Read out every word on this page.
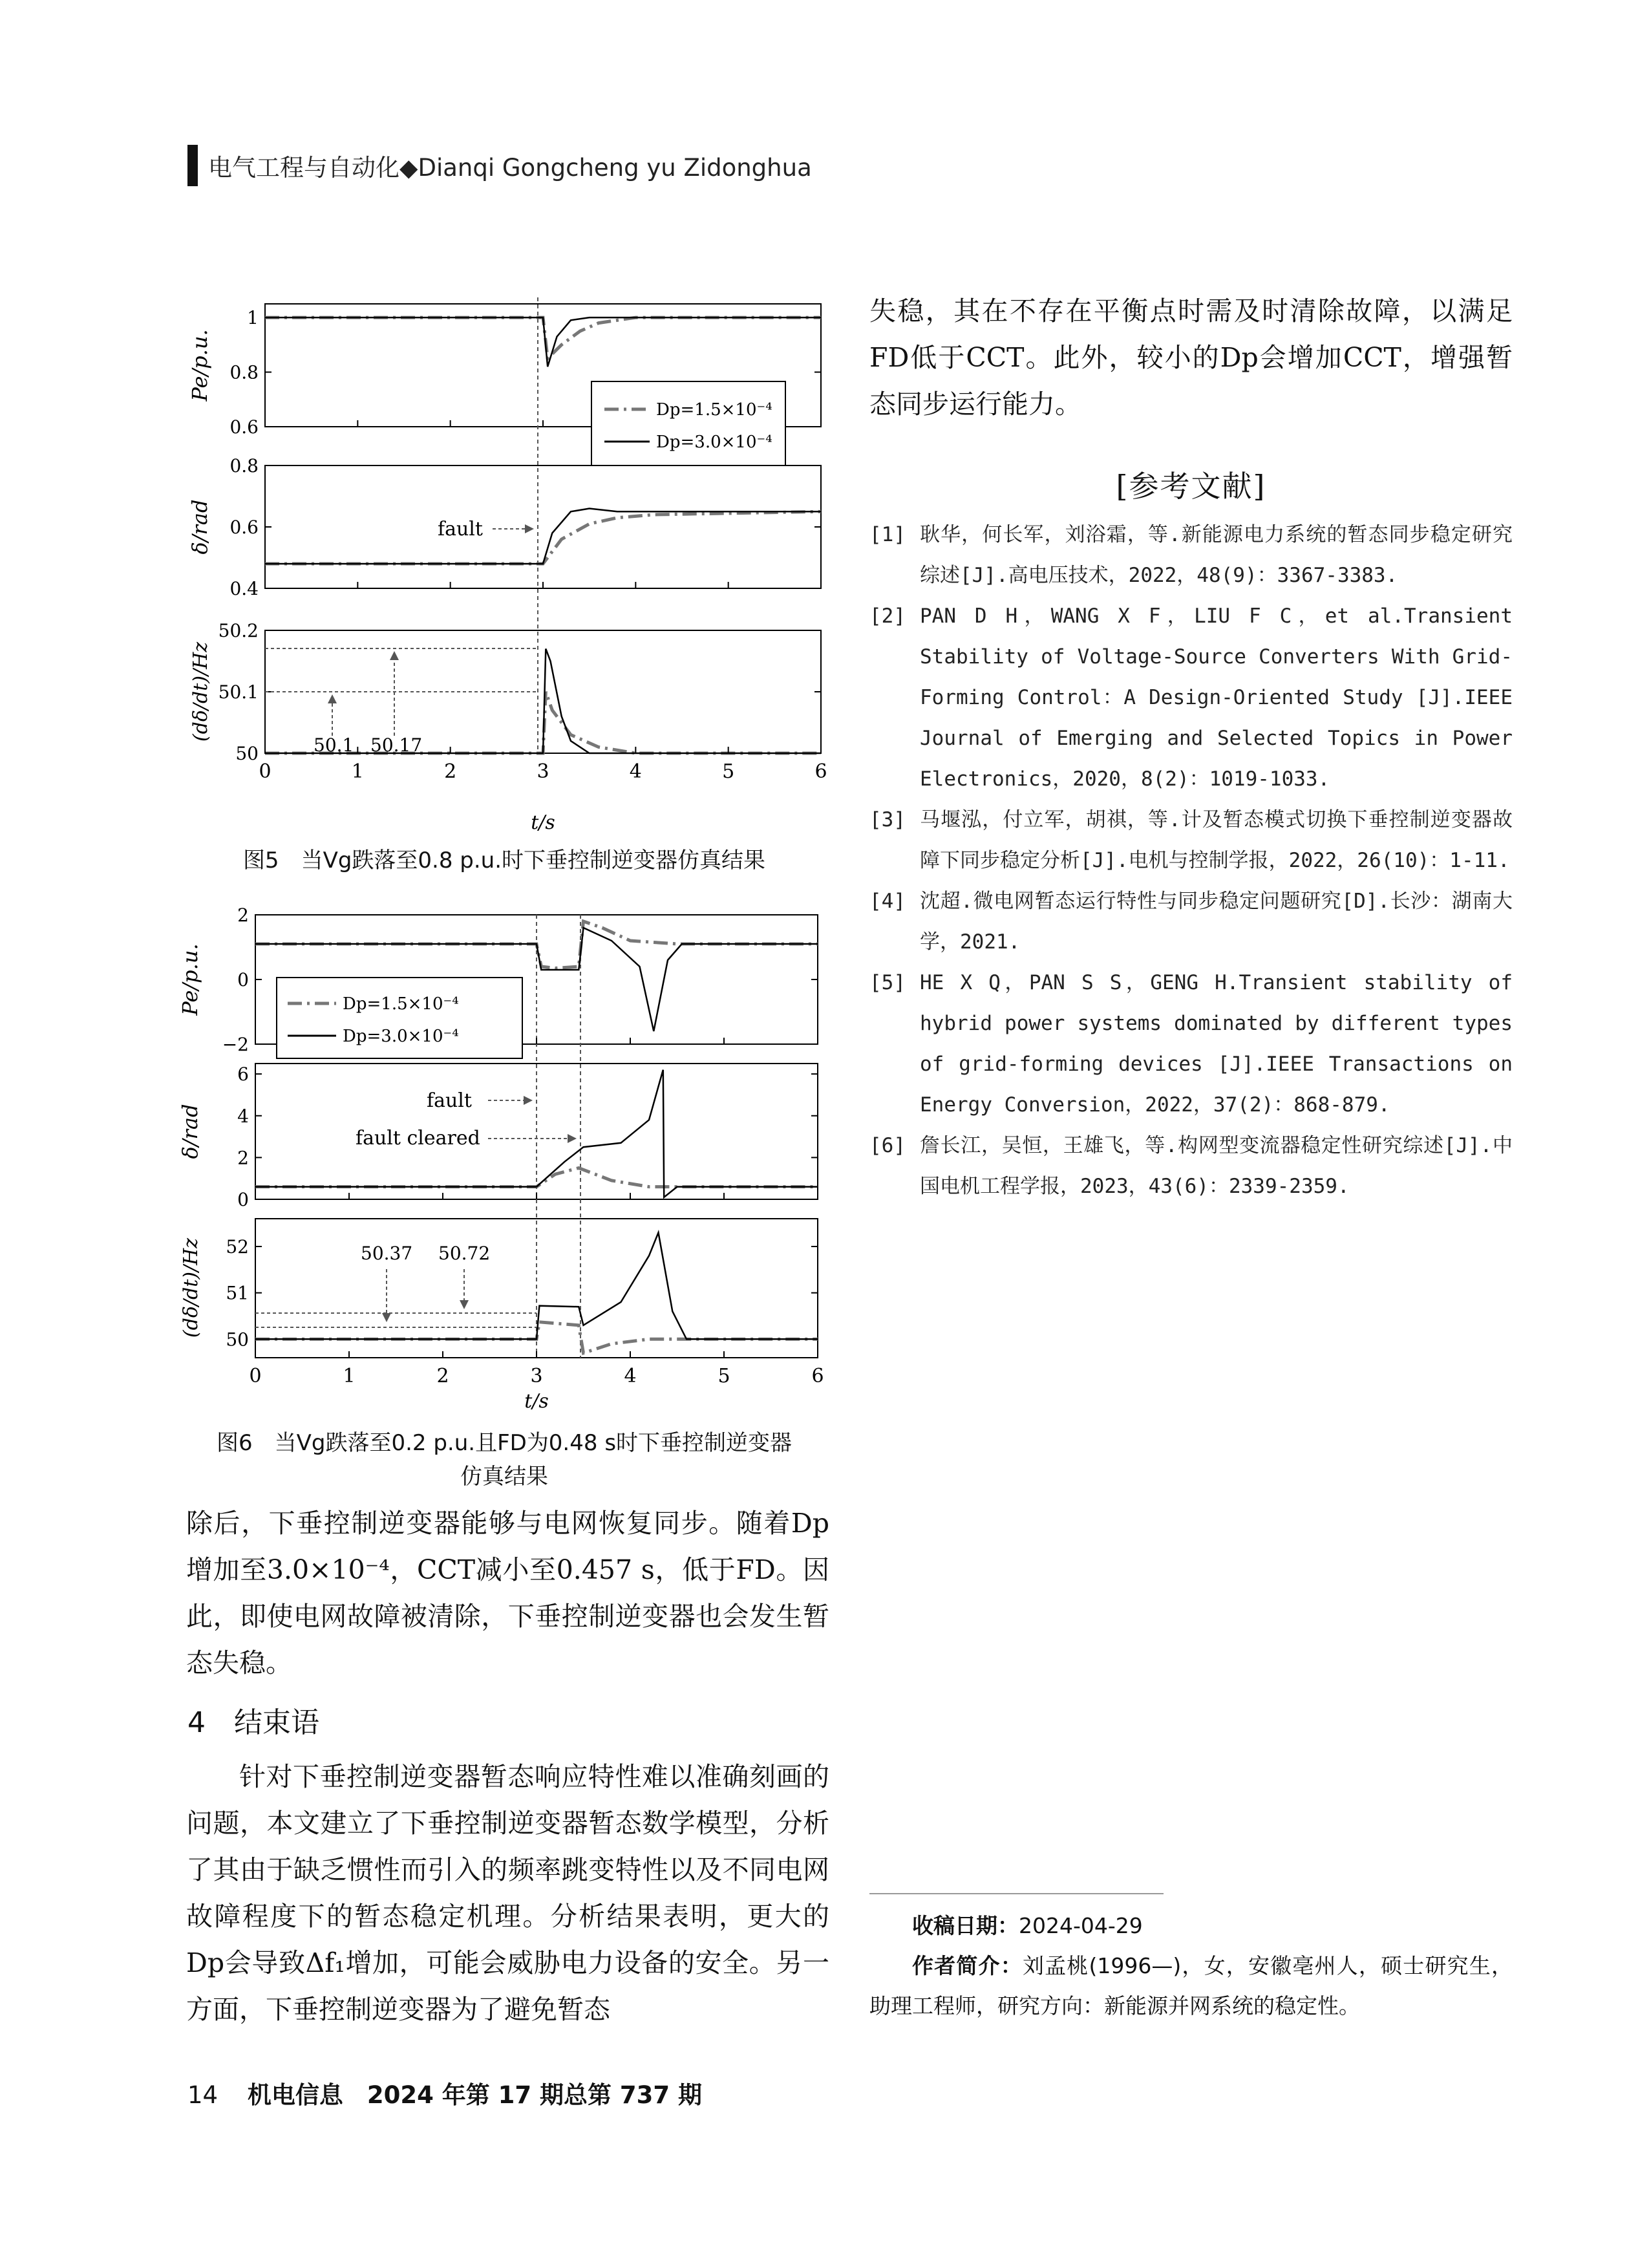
电气工程与自动化◆Dianqi Gongcheng yu Zidonghua

失稳，其在不存在平衡点时需及时清除故障，以满足FD低于CCT。此外，较小的Dp会增加CCT，增强暂态同步运行能力。

1
0.8
0.6
0.8
0.6
0.4
50.2
50.1
50
0	1	2	3	4	5	6
Pe/p.u.
δ/rad
(dδ/dt)/Hz
Dp=1.5×10⁻⁴
Dp=3.0×10⁻⁴
fault
50.1 50.17
t/s
图5　当Vg跌落至0.8 p.u.时下垂控制逆变器仿真结果
2
0
−2
6
4
2
0
52
51
50
0	1	2	3	4	5	6
Pe/p.u.
δ/rad
(dδ/dt)/Hz
Dp=1.5×10⁻⁴
Dp=3.0×10⁻⁴
fault
fault cleared
50.37 50.72
t/s
图6　当Vg跌落至0.2 p.u.且FD为0.48 s时下垂控制逆变器
仿真结果

除后，下垂控制逆变器能够与电网恢复同步。随着Dp增加至3.0×10⁻⁴，CCT减小至0.457 s，低于FD。因此，即使电网故障被清除，下垂控制逆变器也会发生暂态失稳。

4　结束语

针对下垂控制逆变器暂态响应特性难以准确刻画的问题，本文建立了下垂控制逆变器暂态数学模型，分析了其由于缺乏惯性而引入的频率跳变特性以及不同电网故障程度下的暂态稳定机理。分析结果表明，更大的Dp会导致Δf₁增加，可能会威胁电力设备的安全。另一方面，下垂控制逆变器为了避免暂态

[参考文献]
[1] 耿华，何长军，刘浴霜，等.新能源电力系统的暂态同步稳定研究综述[J].高电压技术，2022，48(9)：3367-3383.
[2] PAN D H，WANG X F，LIU F C，et al.Transient Stability of Voltage-Source Converters With Grid-Forming Control：A Design-Oriented Study [J].IEEE Journal of Emerging and Selected Topics in Power Electronics，2020，8(2)：1019-1033.
[3] 马堰泓，付立军，胡祺，等.计及暂态模式切换下垂控制逆变器故障下同步稳定分析[J].电机与控制学报，2022，26(10)：1-11.
[4] 沈超.微电网暂态运行特性与同步稳定问题研究[D].长沙：湖南大学，2021.
[5] HE X Q，PAN S S，GENG H.Transient stability of hybrid power systems dominated by different types of grid-forming devices [J].IEEE Transactions on Energy Conversion，2022，37(2)：868-879.
[6] 詹长江，吴恒，王雄飞，等.构网型变流器稳定性研究综述[J].中国电机工程学报，2023，43(6)：2339-2359.
收稿日期：2024-04-29
作者简介：刘孟桃(1996—)，女，安徽亳州人，硕士研究生，助理工程师，研究方向：新能源并网系统的稳定性。
14 机电信息　2024 年第 17 期总第 737 期
